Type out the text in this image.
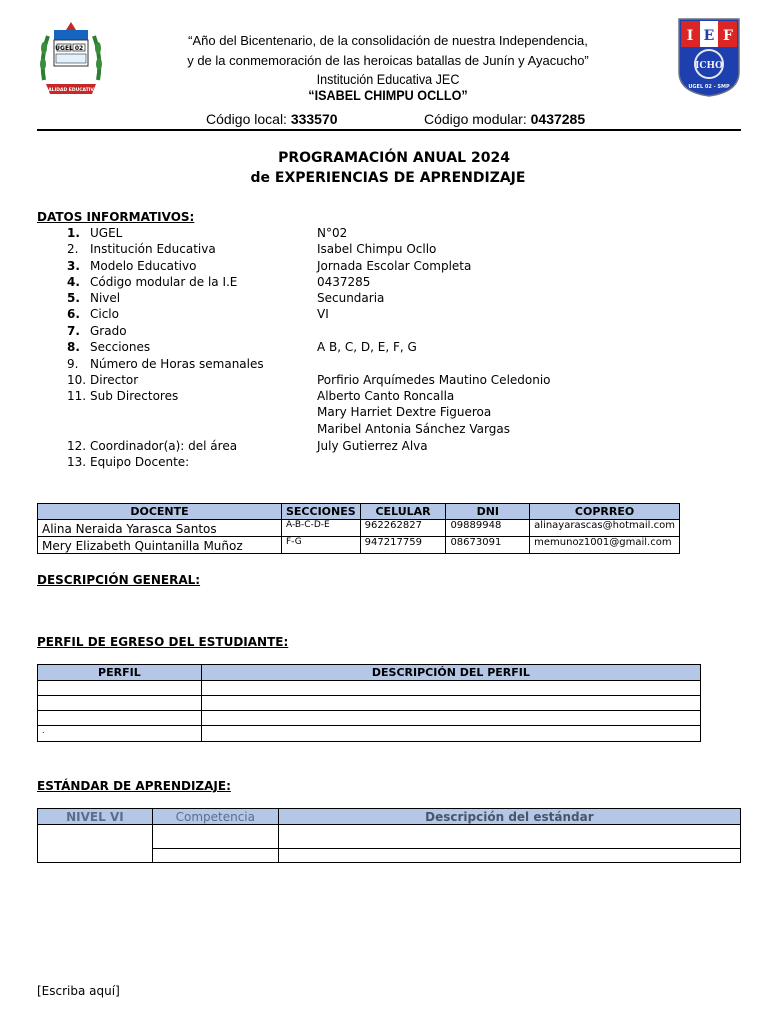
UGEL 02
CALIDAD EDUCATIVA
I E F
ICHO
UGEL 02 - SMP
“Año del Bicentenario, de la consolidación de nuestra Independencia,
y de la conmemoración de las heroicas batallas de Junín y Ayacucho”
Institución Educativa JEC
“ISABEL CHIMPU OCLLO”
Código local: 333570	Código modular: 0437285
PROGRAMACIÓN ANUAL 2024
de EXPERIENCIAS DE APRENDIZAJE
DATOS INFORMATIVOS:
1. UGEL	N°02
2. Institución Educativa	Isabel Chimpu Ocllo
3. Modelo Educativo	Jornada Escolar Completa
4. Código modular de la I.E	0437285
5. Nivel	Secundaria
6. Ciclo	VI
7. Grado
8. Secciones	A B, C, D, E, F, G
9. Número de Horas semanales
10. Director	Porfirio Arquímedes Mautino Celedonio
11. Sub Directores	Alberto Canto Roncalla
Mary Harriet Dextre Figueroa
Maribel Antonia Sánchez Vargas
12. Coordinador(a): del área	July Gutierrez Alva
13. Equipo Docente:
DOCENTE	SECCIONES	CELULAR	DNI	COPRREO
Alina Neraida Yarasca Santos	A-B-C-D-E	962262827	09889948	alinayarascas@hotmail.com
Mery Elizabeth Quintanilla Muñoz	F-G	947217759	08673091	memunoz1001@gmail.com
DESCRIPCIÓN GENERAL:
PERFIL DE EGRESO DEL ESTUDIANTE:
PERFIL	DESCRIPCIÓN DEL PERFIL

.	
ESTÁNDAR DE APRENDIZAJE:
NIVEL VI	Competencia	Descripción del estándar

[Escriba aquí]
